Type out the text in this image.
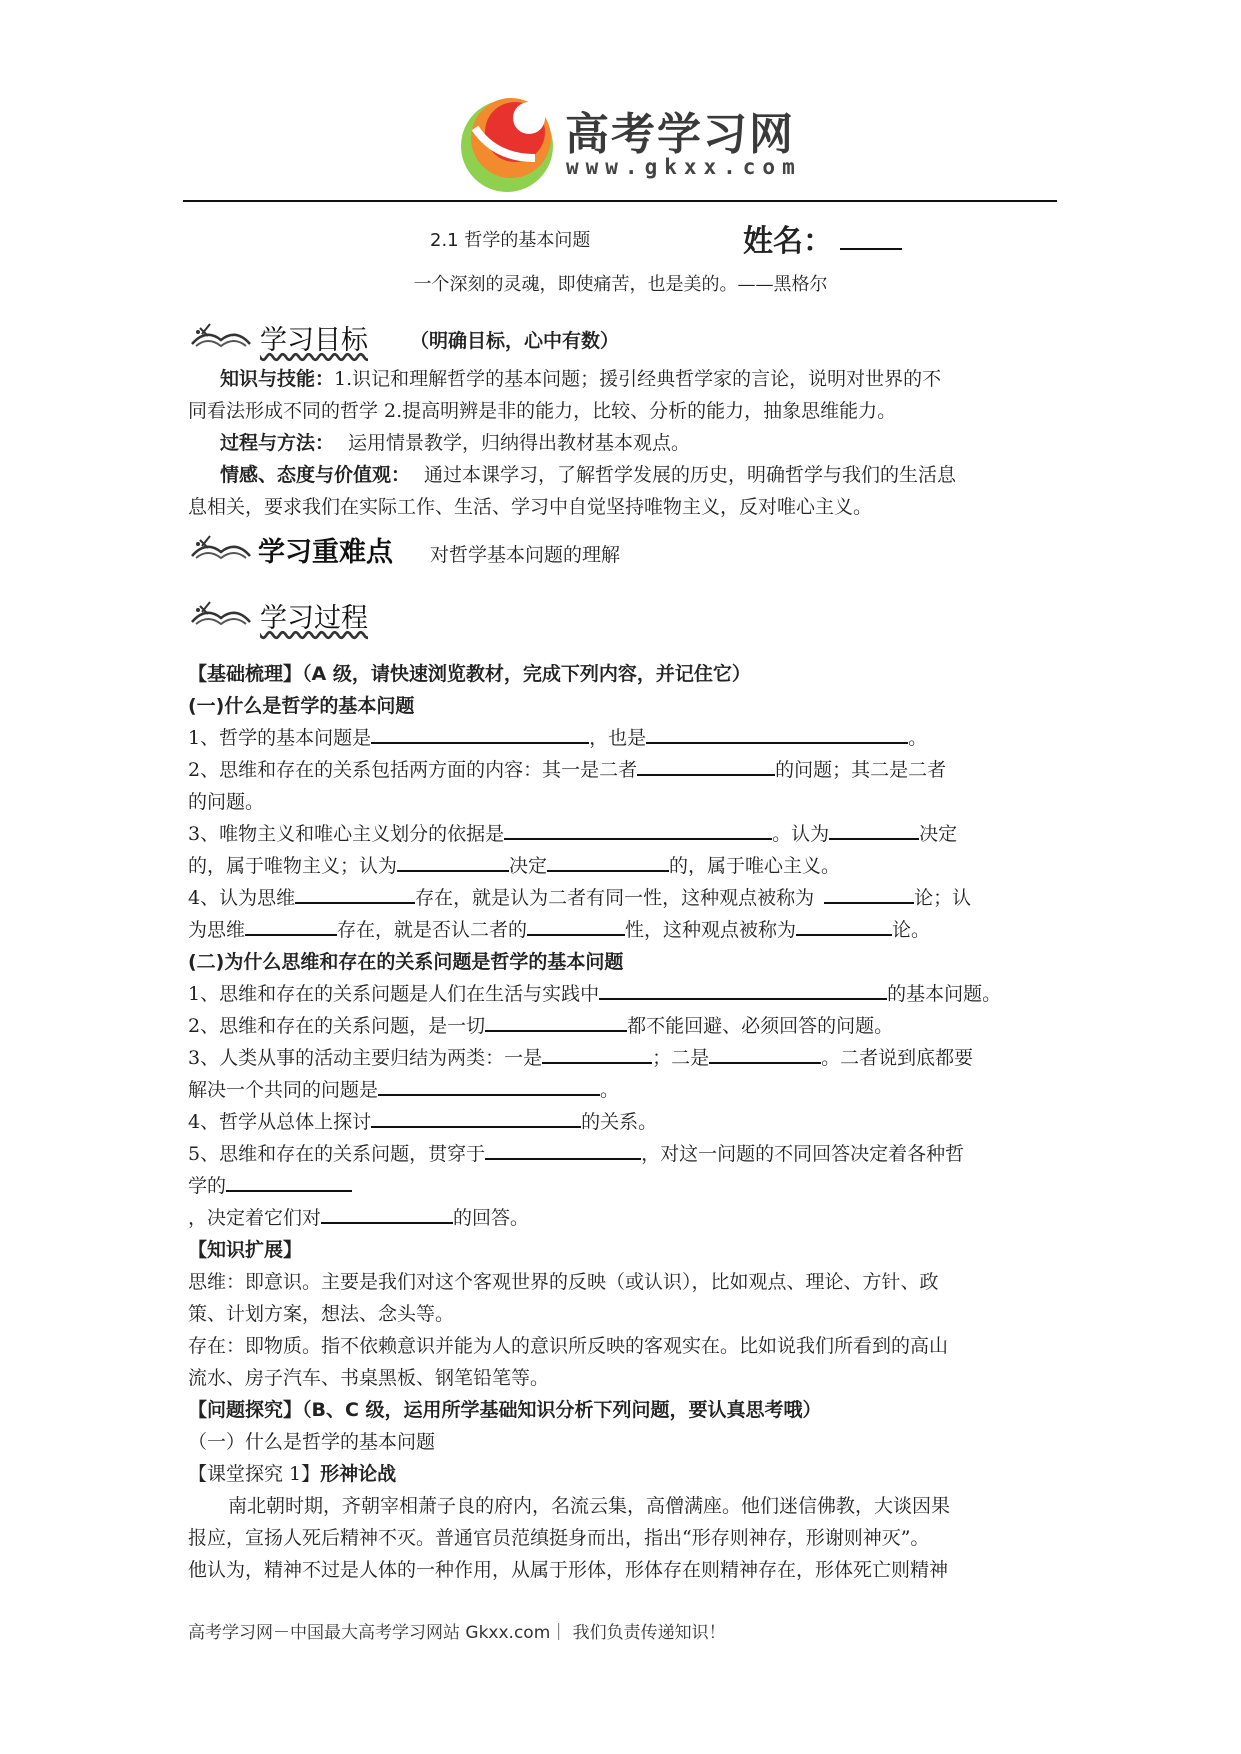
高考学习网
www.gkxx.com
2.1 哲学的基本问题	姓名：
一个深刻的灵魂，即使痛苦，也是美的。——黑格尔
学习目标 （明确目标，心中有数）
知识与技能：1.识记和理解哲学的基本问题；援引经典哲学家的言论，说明对世界的不
同看法形成不同的哲学 2.提高明辨是非的能力，比较、分析的能力，抽象思维能力。
过程与方法： 运用情景教学，归纳得出教材基本观点。
情感、态度与价值观： 通过本课学习，了解哲学发展的历史，明确哲学与我们的生活息
息相关，要求我们在实际工作、生活、学习中自觉坚持唯物主义，反对唯心主义。
学习重难点 对哲学基本问题的理解
学习过程
【基础梳理】（A 级，请快速浏览教材，完成下列内容，并记住它）
(一)什么是哲学的基本问题
1、哲学的基本问题是	，也是	。
2、思维和存在的关系包括两方面的内容：其一是二者	的问题；其二是二者
的问题。
3、唯物主义和唯心主义划分的依据是	。认为	决定
的，属于唯物主义；认为	决定	的，属于唯心主义。
4、认为思维	存在，就是认为二者有同一性，这种观点被称为	论；认
为思维	存在，就是否认二者的	性，这种观点被称为	论。
(二)为什么思维和存在的关系问题是哲学的基本问题
1、思维和存在的关系问题是人们在生活与实践中	的基本问题。
2、思维和存在的关系问题，是一切	都不能回避、必须回答的问题。
3、人类从事的活动主要归结为两类：一是	；二是	。二者说到底都要
解决一个共同的问题是	。
4、哲学从总体上探讨	的关系。
5、思维和存在的关系问题，贯穿于	，对这一问题的不同回答决定着各种哲
学的
，决定着它们对	的回答。
【知识扩展】
思维：即意识。主要是我们对这个客观世界的反映（或认识），比如观点、理论、方针、政
策、计划方案，想法、念头等。
存在：即物质。指不依赖意识并能为人的意识所反映的客观实在。比如说我们所看到的高山
流水、房子汽车、书桌黑板、钢笔铅笔等。
【问题探究】（B、C 级，运用所学基础知识分析下列问题，要认真思考哦）
（一）什么是哲学的基本问题
【课堂探究 1】形神论战
南北朝时期，齐朝宰相萧子良的府内，名流云集，高僧满座。他们迷信佛教，大谈因果
报应，宣扬人死后精神不灭。普通官员范缜挺身而出，指出“形存则神存，形谢则神灭”。
他认为，精神不过是人体的一种作用，从属于形体，形体存在则精神存在，形体死亡则精神
高考学习网－中国最大高考学习网站 Gkxx.com｜ 我们负责传递知识！
